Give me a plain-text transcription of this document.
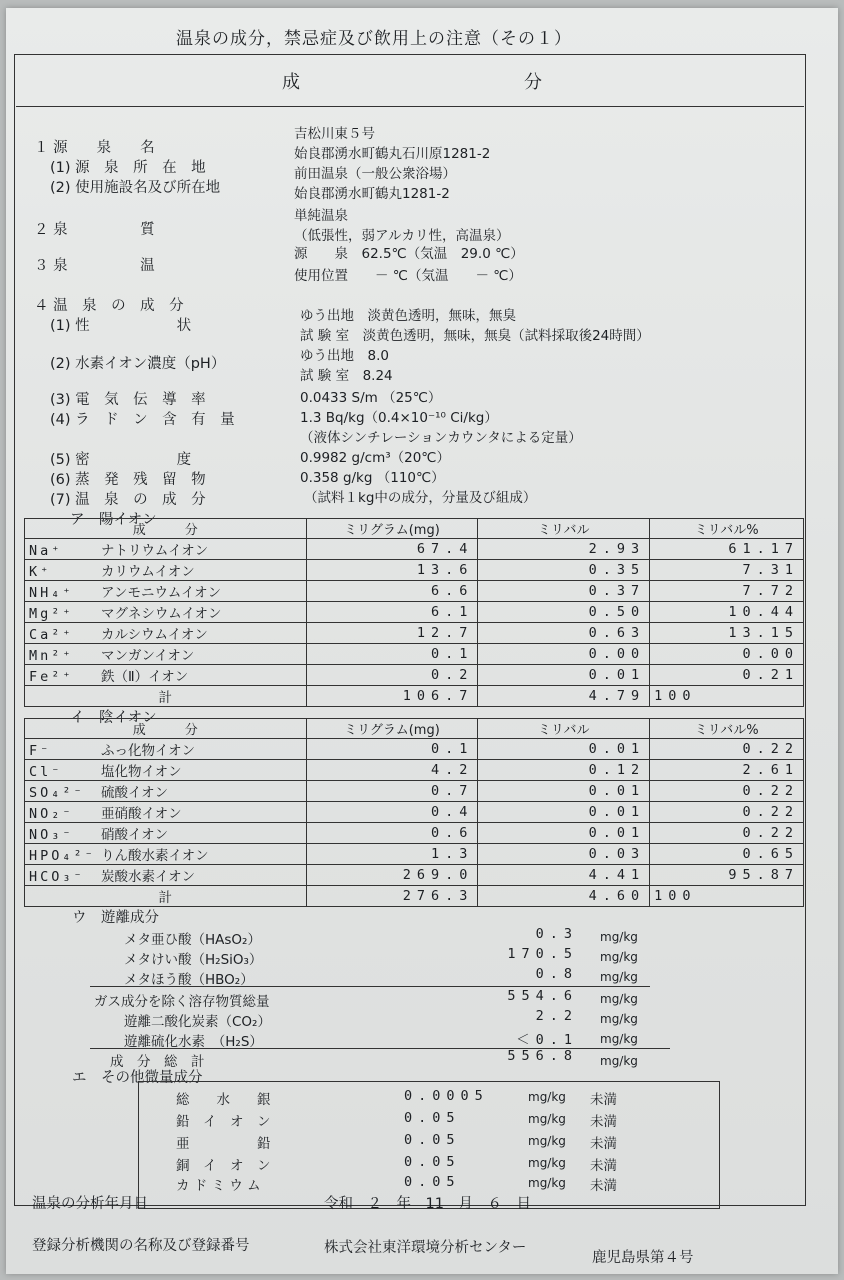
温泉の成分，禁忌症及び飲用上の注意（その１）
成	分
１ 源　　泉　　名
吉松川東５号
(1) 源　泉　所　在　地
始良郡湧水町鶴丸石川原1281-2
(2) 使用施設名及び所在地
前田温泉（一般公衆浴場）
始良郡湧水町鶴丸1281-2
２ 泉　　　　　質
単純温泉
（低張性，弱アルカリ性，高温泉）
３ 泉　　　　　温
源　　泉　62.5℃（気温　29.0 ℃）
使用位置　　－ ℃（気温　　－ ℃）
４ 温　泉　の　成　分
(1) 性　　　　　　状
ゆう出地　淡黄色透明，無味，無臭
試 験 室　淡黄色透明，無味，無臭（試料採取後24時間）
(2) 水素イオン濃度（pH）	ゆう出地　8.0
試 験 室　8.24
(3) 電　気　伝　導　率	0.0433 S/m （25℃）
(4) ラ　ド　ン　含　有　量	1.3 Bq/kg（0.4×10⁻¹⁰ Ci/kg）
（液体シンチレーションカウンタによる定量）
(5) 密　　　　　　度	0.9982 g/cm³（20℃）
(6) 蒸　発　残　留　物	0.358 g/kg （110℃）
(7) 温　泉　の　成　分	（試料１kg中の成分，分量及び組成）
ア　陽イオン
成　　　分	ミリグラム(mg)	ミリバル	ミリバル%
Na⁺ ナトリウムイオン	67.4	2.93	61.17
K⁺ カリウムイオン	13.6	0.35	7.31
NH₄⁺ アンモニウムイオン	6.6	0.37	7.72
Mg²⁺ マグネシウムイオン	6.1	0.50	10.44
Ca²⁺ カルシウムイオン	12.7	0.63	13.15
Mn²⁺ マンガンイオン	0.1	0.00	0.00
Fe²⁺ 鉄（Ⅱ）イオン	0.2	0.01	0.21
計	106.7	4.79	100
イ　陰イオン
成　　　分	ミリグラム(mg)	ミリバル	ミリバル%
F⁻ ふっ化物イオン	0.1	0.01	0.22
Cl⁻ 塩化物イオン	4.2	0.12	2.61
SO₄²⁻ 硫酸イオン	0.7	0.01	0.22
NO₂⁻ 亜硝酸イオン	0.4	0.01	0.22
NO₃⁻ 硝酸イオン	0.6	0.01	0.22
HPO₄²⁻ りん酸水素イオン	1.3	0.03	0.65
HCO₃⁻ 炭酸水素イオン	269.0	4.41	95.87
計	276.3	4.60	100
ウ　遊離成分
メタ亜ひ酸（HAsO₂）	0.3 mg/kg
メタけい酸（H₂SiO₃）	170.5 mg/kg
メタほう酸（HBO₂）	0.8 mg/kg
ガス成分を除く溶存物質総量	554.6 mg/kg
遊離二酸化炭素（CO₂）	2.2 mg/kg
遊離硫化水素　（H₂S）	＜0.1 mg/kg
成　分　総　計	556.8 mg/kg
エ　その他微量成分
総　　水　　銀	0.0005	mg/kg 未満
鉛　イ　オ　ン	0.05	mg/kg 未満
亜　　　　　鉛	0.05	mg/kg 未満
銅　イ　オ　ン	0.05	mg/kg 未満
カ ド ミ ウ ム	0.05	mg/kg 未満
温泉の分析年月日	令和　２　年　11　月　６　日
登録分析機関の名称及び登録番号	株式会社東洋環境分析センター
鹿児島県第４号
